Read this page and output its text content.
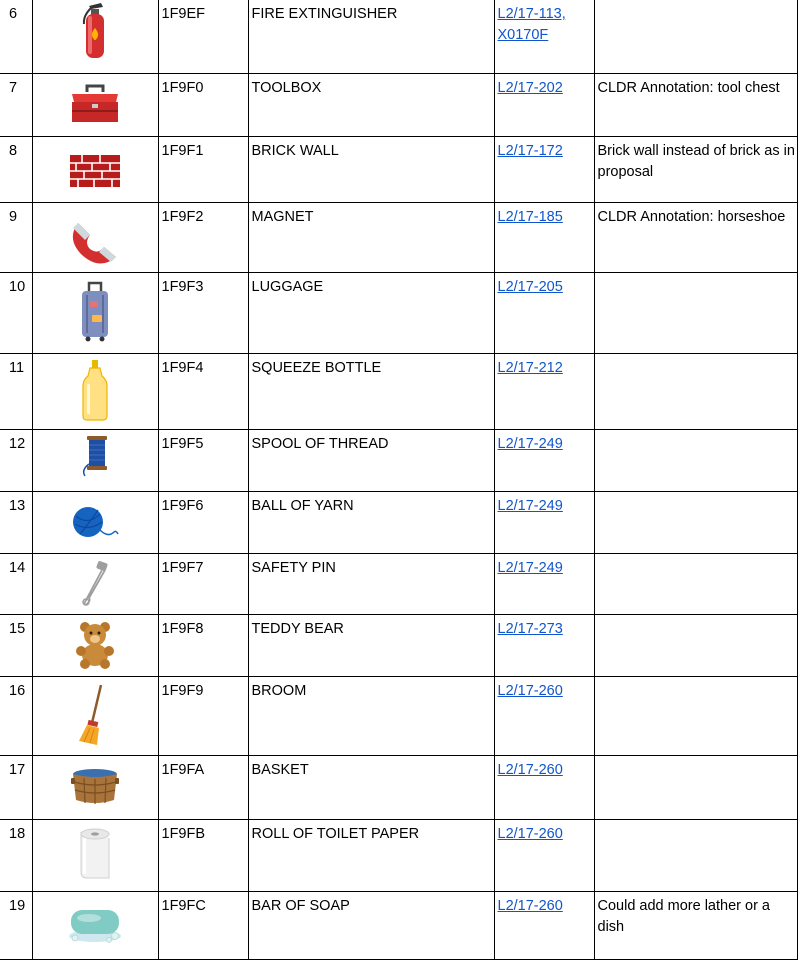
6		1F9EF	FIRE EXTINGUISHER	L2/17-113,
X0170F	
7		1F9F0	TOOLBOX	L2/17-202	CLDR Annotation: tool chest
8		1F9F1	BRICK WALL	L2/17-172	Brick wall instead of brick as in proposal
9		1F9F2	MAGNET	L2/17-185	CLDR Annotation: horseshoe
10		1F9F3	LUGGAGE	L2/17-205	
11		1F9F4	SQUEEZE BOTTLE	L2/17-212	
12		1F9F5	SPOOL OF THREAD	L2/17-249	
13		1F9F6	BALL OF YARN	L2/17-249	
14		1F9F7	SAFETY PIN	L2/17-249	
15		1F9F8	TEDDY BEAR	L2/17-273	
16		1F9F9	BROOM	L2/17-260	
17		1F9FA	BASKET	L2/17-260	
18		1F9FB	ROLL OF TOILET PAPER	L2/17-260	
19		1F9FC	BAR OF SOAP	L2/17-260	Could add more lather or a dish
